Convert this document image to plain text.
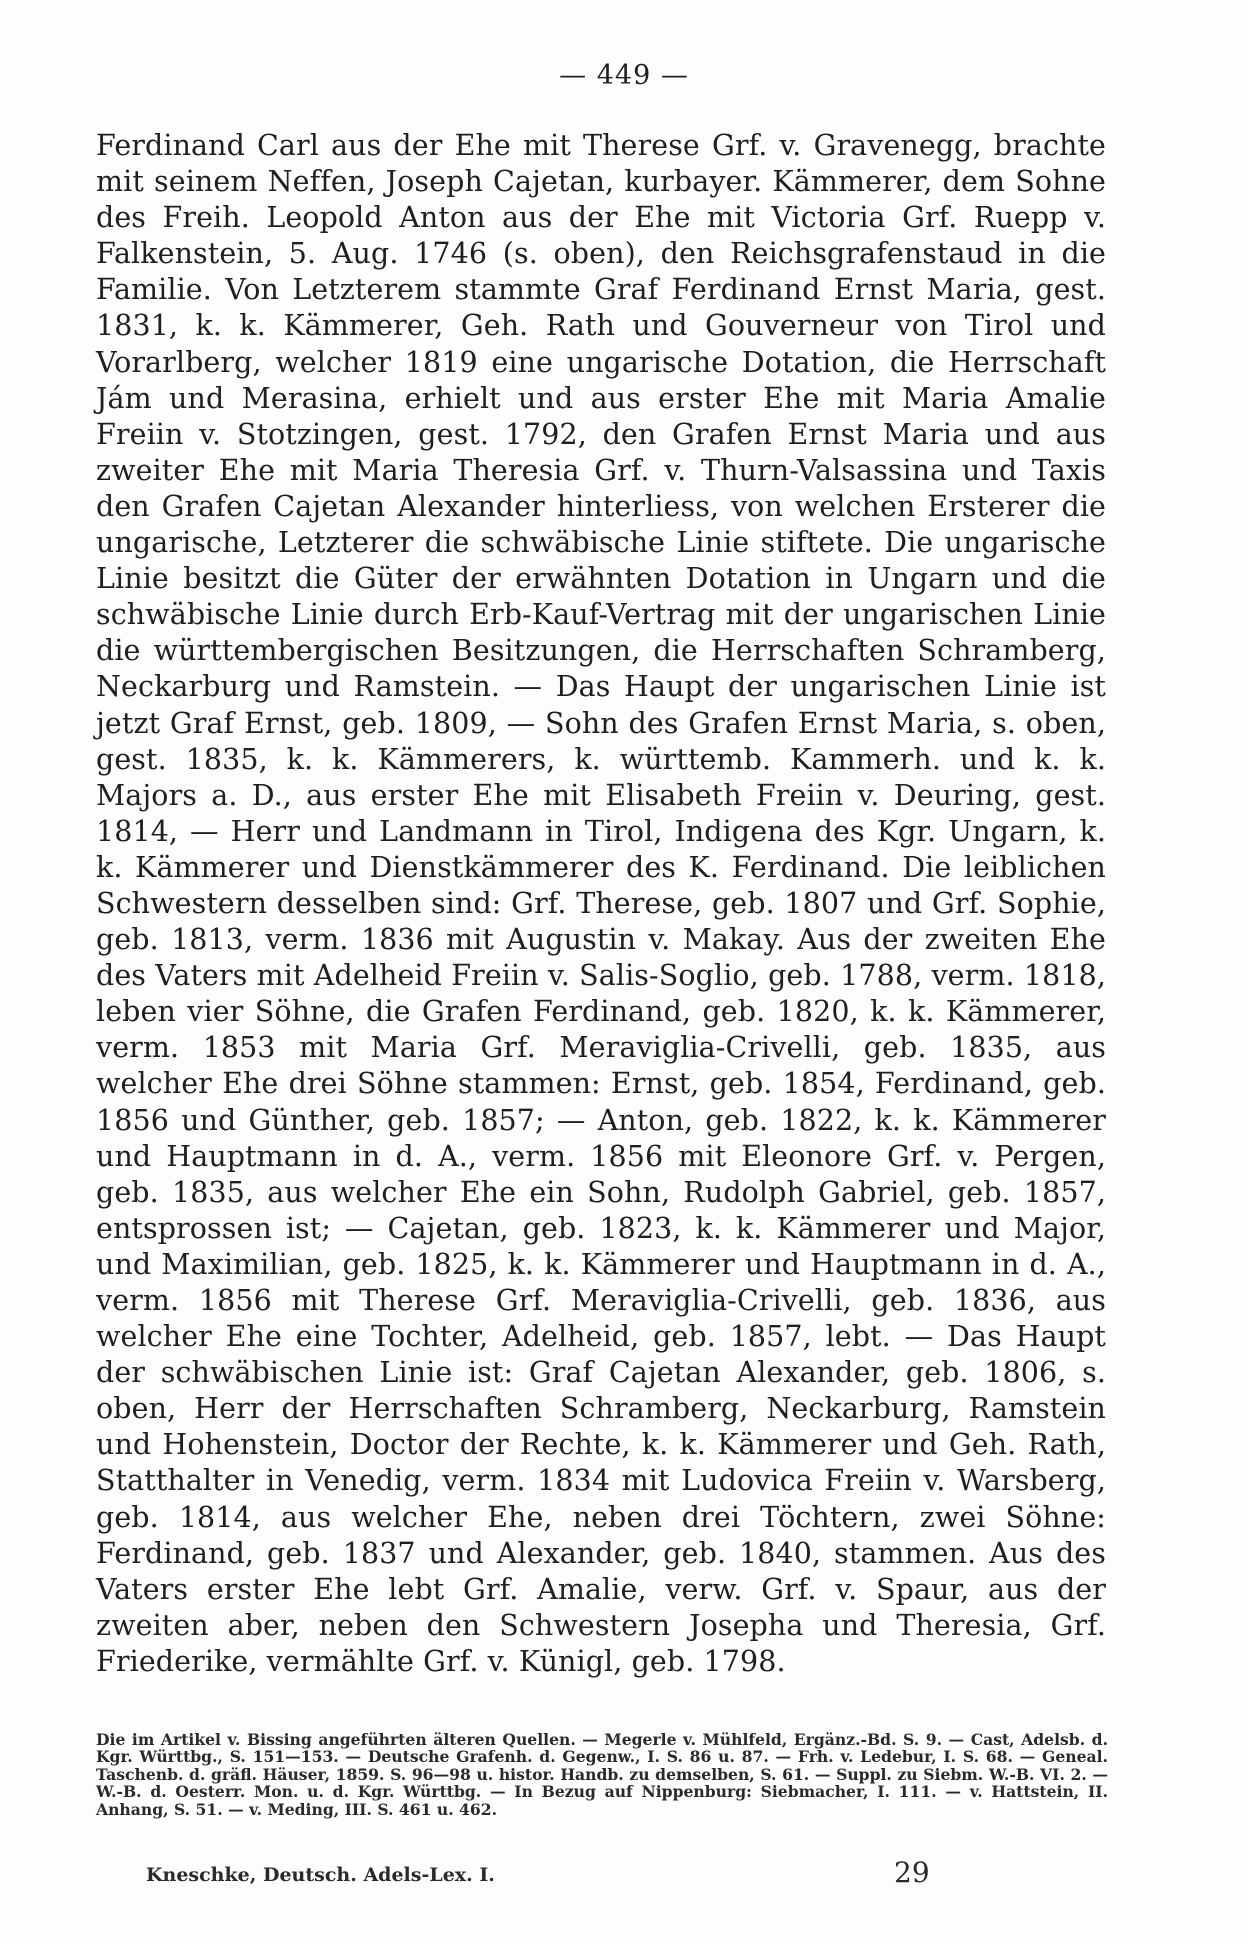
— 449 —

Ferdinand Carl aus der Ehe mit Therese Grf. v. Gravenegg, brachte mit seinem Neffen, Joseph Cajetan, kurbayer. Kämmerer, dem Sohne des Freih. Leopold Anton aus der Ehe mit Victoria Grf. Ruepp v. Falkenstein, 5. Aug. 1746 (s. oben), den Reichsgrafenstaud in die Familie. Von Letzterem stammte Graf Ferdinand Ernst Maria, gest. 1831, k. k. Kämmerer, Geh. Rath und Gouverneur von Tirol und Vorarlberg, welcher 1819 eine ungarische Dotation, die Herrschaft Jám und Merasina, erhielt und aus erster Ehe mit Maria Amalie Freiin v. Stotzingen, gest. 1792, den Grafen Ernst Maria und aus zweiter Ehe mit Maria Theresia Grf. v. Thurn-Valsassina und Taxis den Grafen Cajetan Alexander hinterliess, von welchen Ersterer die ungarische, Letzterer die schwäbische Linie stiftete. Die ungarische Linie besitzt die Güter der erwähnten Dotation in Ungarn und die schwäbische Linie durch Erb-Kauf-Vertrag mit der ungarischen Linie die württembergischen Besitzungen, die Herrschaften Schramberg, Neckarburg und Ramstein. — Das Haupt der ungarischen Linie ist jetzt Graf Ernst, geb. 1809, — Sohn des Grafen Ernst Maria, s. oben, gest. 1835, k. k. Kämmerers, k. württemb. Kammerh. und k. k. Majors a. D., aus erster Ehe mit Elisabeth Freiin v. Deuring, gest. 1814, — Herr und Landmann in Tirol, Indigena des Kgr. Ungarn, k. k. Kämmerer und Dienstkämmerer des K. Ferdinand. Die leiblichen Schwestern desselben sind: Grf. Therese, geb. 1807 und Grf. Sophie, geb. 1813, verm. 1836 mit Augustin v. Makay. Aus der zweiten Ehe des Vaters mit Adelheid Freiin v. Salis-Soglio, geb. 1788, verm. 1818, leben vier Söhne, die Grafen Ferdinand, geb. 1820, k. k. Kämmerer, verm. 1853 mit Maria Grf. Meraviglia-Crivelli, geb. 1835, aus welcher Ehe drei Söhne stammen: Ernst, geb. 1854, Ferdinand, geb. 1856 und Günther, geb. 1857; — Anton, geb. 1822, k. k. Kämmerer und Hauptmann in d. A., verm. 1856 mit Eleonore Grf. v. Pergen, geb. 1835, aus welcher Ehe ein Sohn, Rudolph Gabriel, geb. 1857, entsprossen ist; — Cajetan, geb. 1823, k. k. Kämmerer und Major, und Maximilian, geb. 1825, k. k. Kämmerer und Hauptmann in d. A., verm. 1856 mit Therese Grf. Meraviglia-Crivelli, geb. 1836, aus welcher Ehe eine Tochter, Adelheid, geb. 1857, lebt. — Das Haupt der schwäbischen Linie ist: Graf Cajetan Alexander, geb. 1806, s. oben, Herr der Herrschaften Schramberg, Neckarburg, Ramstein und Hohenstein, Doctor der Rechte, k. k. Kämmerer und Geh. Rath, Statthalter in Venedig, verm. 1834 mit Ludovica Freiin v. Warsberg, geb. 1814, aus welcher Ehe, neben drei Töchtern, zwei Söhne: Ferdinand, geb. 1837 und Alexander, geb. 1840, stammen. Aus des Vaters erster Ehe lebt Grf. Amalie, verw. Grf. v. Spaur, aus der zweiten aber, neben den Schwestern Josepha und Theresia, Grf. Friederike, vermählte Grf. v. Künigl, geb. 1798.

Die im Artikel v. Bissing angeführten älteren Quellen. — Megerle v. Mühlfeld, Ergänz.-Bd. S. 9. — Cast, Adelsb. d. Kgr. Württbg., S. 151—153. — Deutsche Grafenh. d. Gegenw., I. S. 86 u. 87. — Frh. v. Ledebur, I. S. 68. — Geneal. Taschenb. d. gräfl. Häuser, 1859. S. 96—98 u. histor. Handb. zu demselben, S. 61. — Suppl. zu Siebm. W.-B. VI. 2. — W.-B. d. Oesterr. Mon. u. d. Kgr. Württbg. — In Bezug auf Nippenburg: Siebmacher, I. 111. — v. Hattstein, II. Anhang, S. 51. — v. Meding, III. S. 461 u. 462.
Kneschke, Deutsch. Adels-Lex. I.	29
